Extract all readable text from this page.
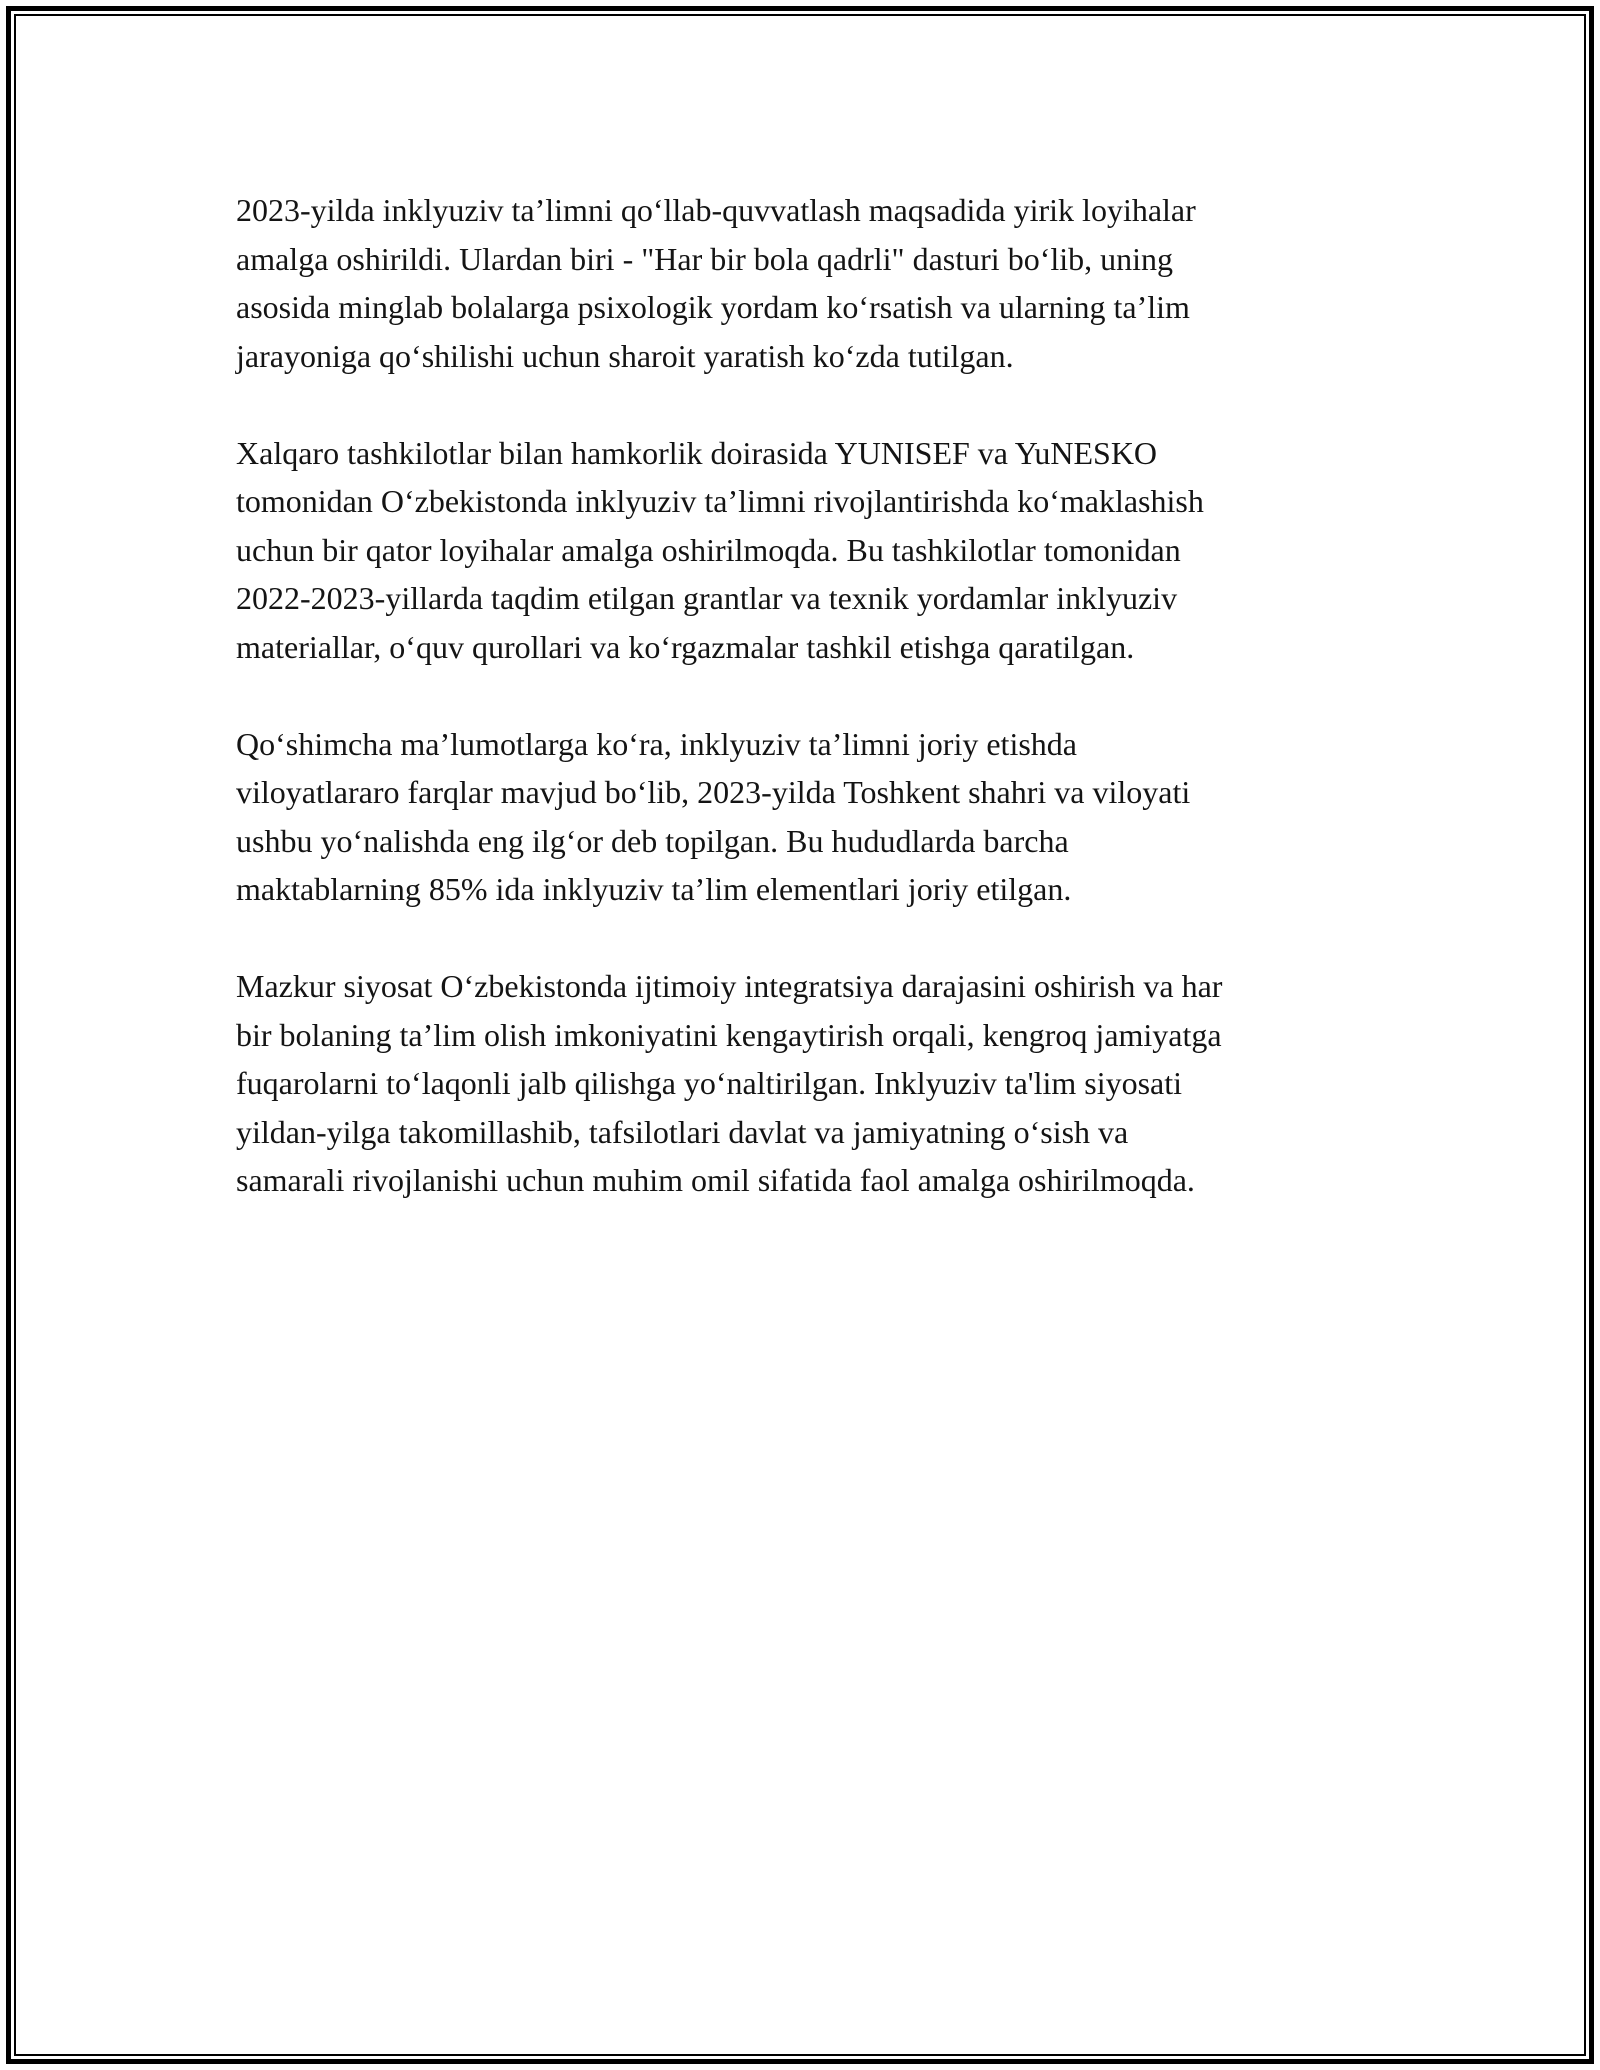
2023-yilda inklyuziv ta’limni qo‘llab-quvvatlash maqsadida yirik loyihalar
amalga oshirildi. Ulardan biri - "Har bir bola qadrli" dasturi bo‘lib, uning
asosida minglab bolalarga psixologik yordam ko‘rsatish va ularning ta’lim
jarayoniga qo‘shilishi uchun sharoit yaratish ko‘zda tutilgan.

Xalqaro tashkilotlar bilan hamkorlik doirasida YUNISEF va YuNESKO
tomonidan O‘zbekistonda inklyuziv ta’limni rivojlantirishda ko‘maklashish
uchun bir qator loyihalar amalga oshirilmoqda. Bu tashkilotlar tomonidan
2022-2023-yillarda taqdim etilgan grantlar va texnik yordamlar inklyuziv
materiallar, o‘quv qurollari va ko‘rgazmalar tashkil etishga qaratilgan.

Qo‘shimcha ma’lumotlarga ko‘ra, inklyuziv ta’limni joriy etishda
viloyatlararo farqlar mavjud bo‘lib, 2023-yilda Toshkent shahri va viloyati
ushbu yo‘nalishda eng ilg‘or deb topilgan. Bu hududlarda barcha
maktablarning 85% ida inklyuziv ta’lim elementlari joriy etilgan.

Mazkur siyosat O‘zbekistonda ijtimoiy integratsiya darajasini oshirish va har
bir bolaning ta’lim olish imkoniyatini kengaytirish orqali, kengroq jamiyatga
fuqarolarni to‘laqonli jalb qilishga yo‘naltirilgan. Inklyuziv ta'lim siyosati
yildan-yilga takomillashib, tafsilotlari davlat va jamiyatning o‘sish va
samarali rivojlanishi uchun muhim omil sifatida faol amalga oshirilmoqda.
